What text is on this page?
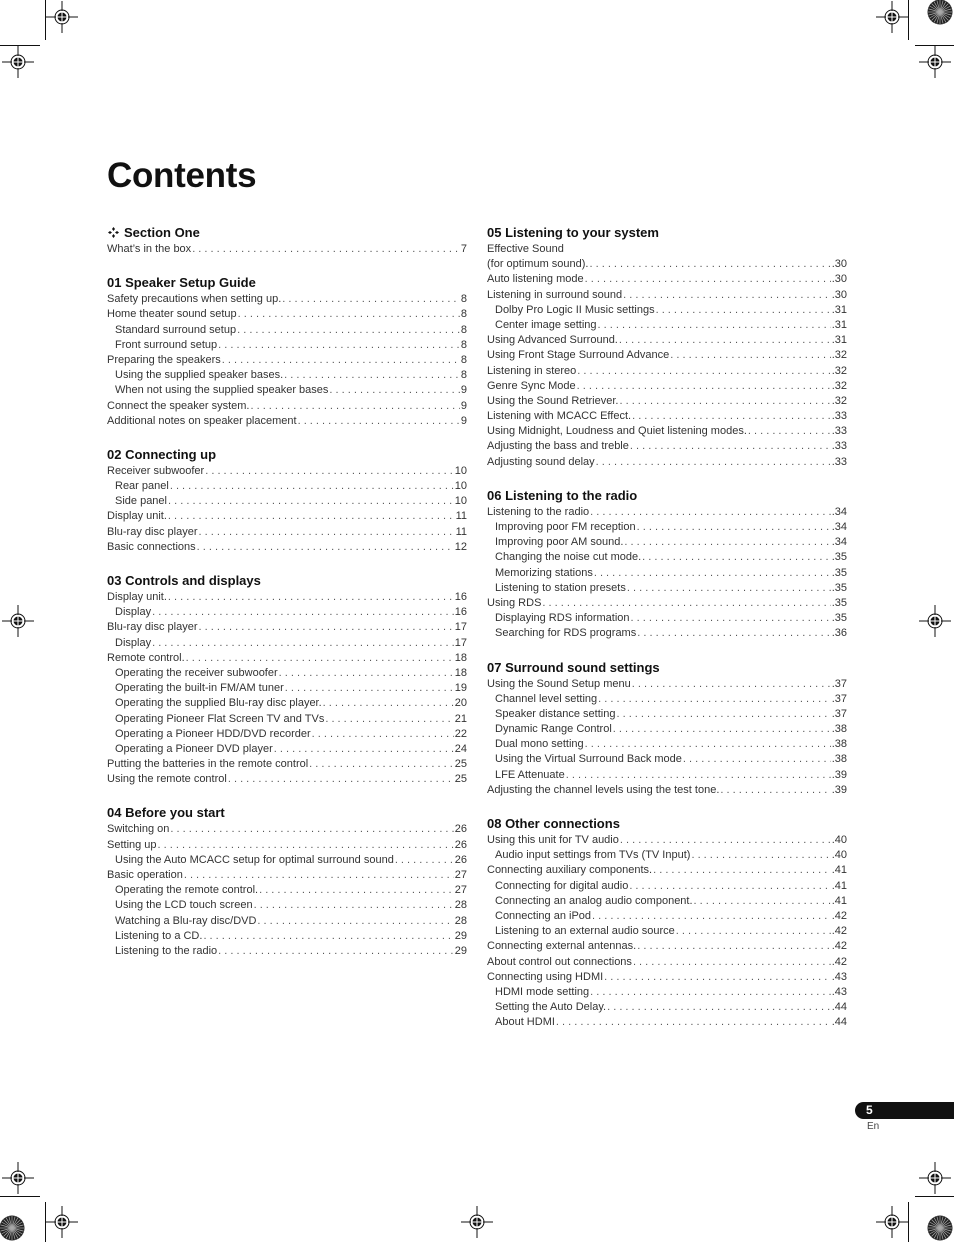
Contents
Section One
What’s in the box . . .	7
01 Speaker Setup Guide
Safety precautions when setting up. . . .	8
Home theater sound setup . . .	8
Standard surround setup . . .	8
Front surround setup . . .	8
Preparing the speakers . . .	8
Using the supplied speaker bases. . . .	8
When not using the supplied speaker bases . . .	9
Connect the speaker system. . . .	9
Additional notes on speaker placement . . .	9
02 Connecting up
Receiver subwoofer . . .	10
Rear panel . . .	10
Side panel . . .	10
Display unit. . . .	11
Blu-ray disc player . . .	11
Basic connections . . .	12
03 Controls and displays
Display unit. . . .	16
Display . . .	16
Blu-ray disc player . . .	17
Display . . .	17
Remote control. . . .	18
Operating the receiver subwoofer . . .	18
Operating the built-in FM/AM tuner . . .	19
Operating the supplied Blu-ray disc player. . . .	20
Operating Pioneer Flat Screen TV and TVs . . .	21
Operating a Pioneer HDD/DVD recorder . . .	22
Operating a Pioneer DVD player . . .	24
Putting the batteries in the remote control . . .	25
Using the remote control . . .	25
04 Before you start
Switching on . . .	26
Setting up . . .	26
Using the Auto MCACC setup for optimal surround sound . . .	26
Basic operation . . .	27
Operating the remote control. . . .	27
Using the LCD touch screen . . .	28
Watching a Blu-ray disc/DVD . . .	28
Listening to a CD. . . .	29
Listening to the radio . . .	29
05 Listening to your system
Effective Sound
(for optimum sound). . . .	.30
Auto listening mode . . .	.30
Listening in surround sound . . .	.30
Dolby Pro Logic II Music settings . . .	.31
Center image setting . . .	.31
Using Advanced Surround. . . .	.31
Using Front Stage Surround Advance . . .	.32
Listening in stereo . . .	.32
Genre Sync Mode . . .	.32
Using the Sound Retriever. . . .	.32
Listening with MCACC Effect. . . .	.33
Using Midnight, Loudness and Quiet listening modes. . . .	.33
Adjusting the bass and treble . . .	.33
Adjusting sound delay . . .	.33
06 Listening to the radio
Listening to the radio . . .	.34
Improving poor FM reception . . .	.34
Improving poor AM sound. . . .	.34
Changing the noise cut mode. . . .	.35
Memorizing stations . . .	.35
Listening to station presets . . .	.35
Using RDS . . .	.35
Displaying RDS information . . .	.35
Searching for RDS programs . . .	.36
07 Surround sound settings
Using the Sound Setup menu . . .	.37
Channel level setting . . .	.37
Speaker distance setting . . .	.37
Dynamic Range Control . . .	.38
Dual mono setting . . .	.38
Using the Virtual Surround Back mode . . .	.38
LFE Attenuate . . .	.39
Adjusting the channel levels using the test tone. . . .	.39
08 Other connections
Using this unit for TV audio . . .	.40
Audio input settings from TVs (TV Input) . . .	.40
Connecting auxiliary components. . . .	.41
Connecting for digital audio . . .	.41
Connecting an analog audio component. . . .	.41
Connecting an iPod . . .	.42
Listening to an external audio source . . .	.42
Connecting external antennas. . . .	.42
About control out connections . . .	.42
Connecting using HDMI . . .	.43
HDMI mode setting . . .	.43
Setting the Auto Delay. . . .	.44
About HDMI . . .	.44
5
En
